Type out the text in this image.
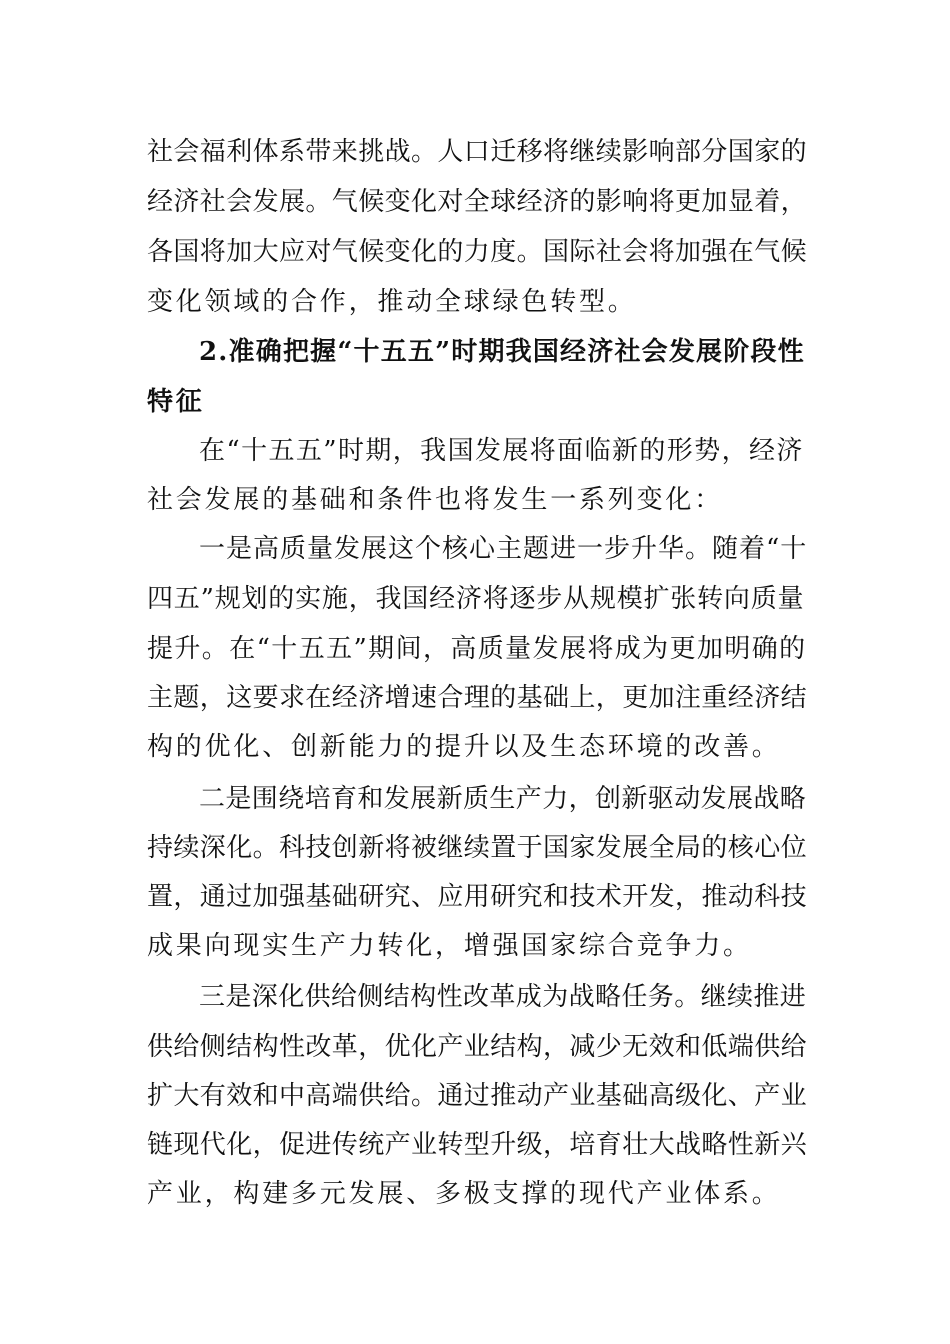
社会福利体系带来挑战。人口迁移将继续影响部分国家的
经济社会发展。气候变化对全球经济的影响将更加显着，
各国将加大应对气候变化的力度。国际社会将加强在气候
变化领域的合作，推动全球绿色转型。
2.准确把握“十五五”时期我国经济社会发展阶段性
特征
在“十五五”时期，我国发展将面临新的形势，经济
社会发展的基础和条件也将发生一系列变化：
一是高质量发展这个核心主题进一步升华。随着“十
四五”规划的实施，我国经济将逐步从规模扩张转向质量
提升。在“十五五”期间，高质量发展将成为更加明确的
主题，这要求在经济增速合理的基础上，更加注重经济结
构的优化、创新能力的提升以及生态环境的改善。
二是围绕培育和发展新质生产力，创新驱动发展战略
持续深化。科技创新将被继续置于国家发展全局的核心位
置，通过加强基础研究、应用研究和技术开发，推动科技
成果向现实生产力转化，增强国家综合竞争力。
三是深化供给侧结构性改革成为战略任务。继续推进
供给侧结构性改革，优化产业结构，减少无效和低端供给
扩大有效和中高端供给。通过推动产业基础高级化、产业
链现代化，促进传统产业转型升级，培育壮大战略性新兴
产业，构建多元发展、多极支撑的现代产业体系。
